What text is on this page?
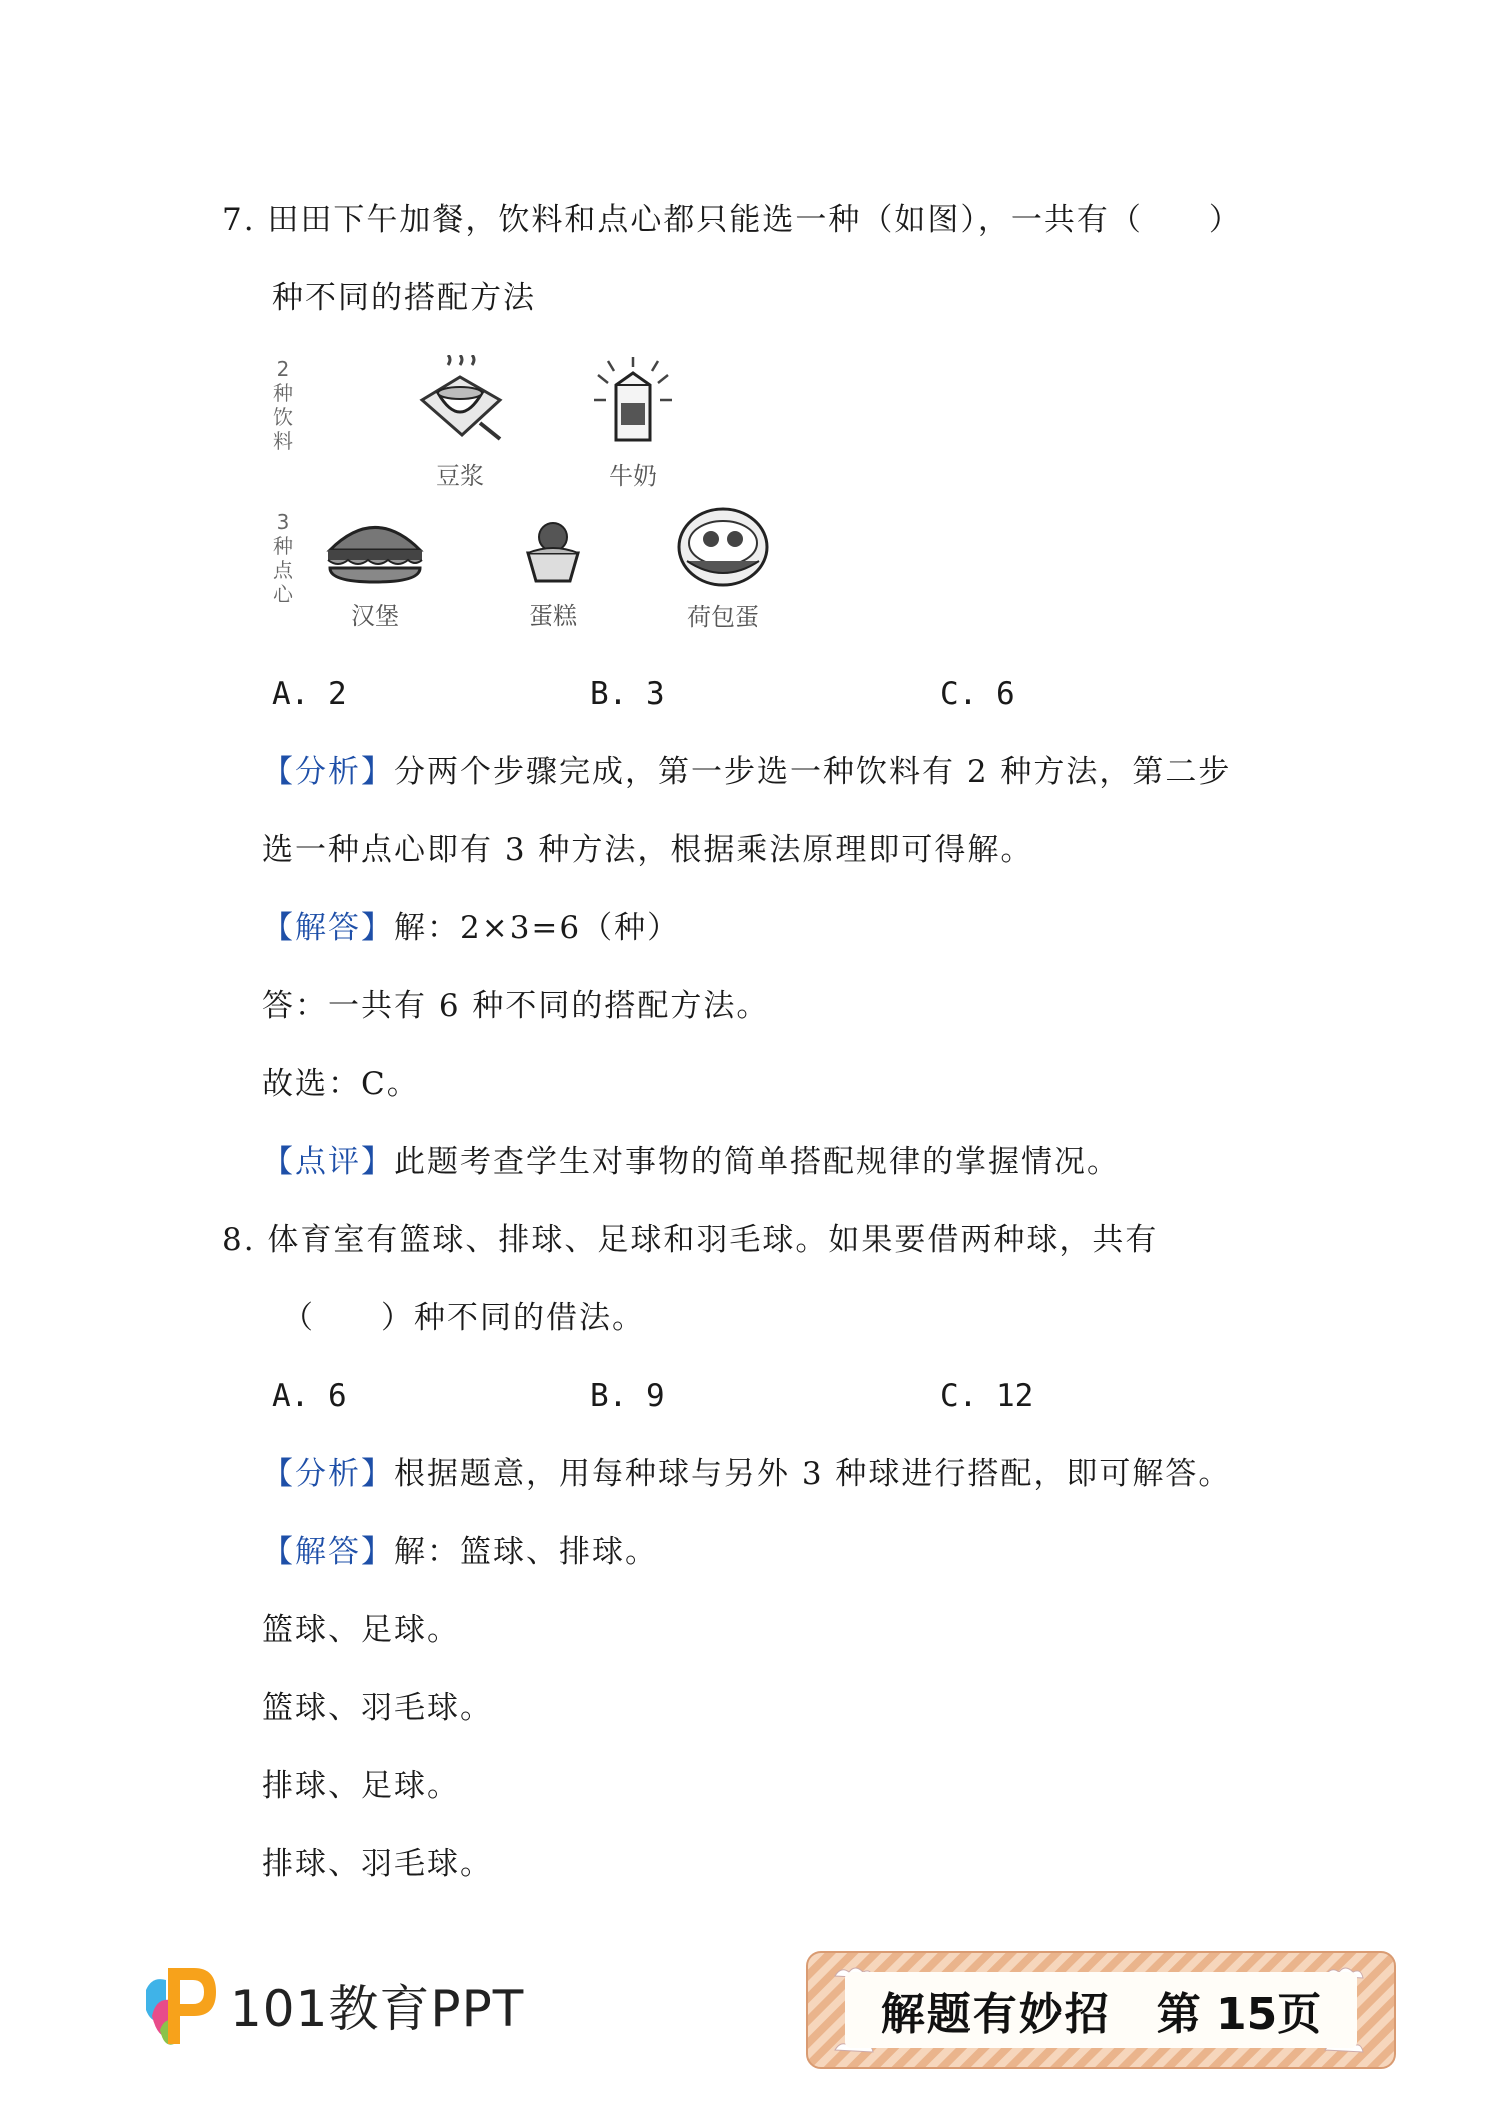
7. 田田下午加餐，饮料和点心都只能选一种（如图），一共有（　　）
种不同的搭配方法
2种饮料
3种点心
豆浆	牛奶
汉堡	蛋糕	荷包蛋
A. 2	B. 3	C. 6
【分析】分两个步骤完成，第一步选一种饮料有 2 种方法，第二步
选一种点心即有 3 种方法，根据乘法原理即可得解。
【解答】解：2×3=6（种）
答：一共有 6 种不同的搭配方法。
故选：C。
【点评】此题考查学生对事物的简单搭配规律的掌握情况。
8. 体育室有篮球、排球、足球和羽毛球。如果要借两种球，共有
（　　）种不同的借法。
A. 6	B. 9	C. 12
【分析】根据题意，用每种球与另外 3 种球进行搭配，即可解答。
【解答】解：篮球、排球。
篮球、足球。
篮球、羽毛球。
排球、足球。
排球、羽毛球。
101教育PPT	解题有妙招 第 15页
